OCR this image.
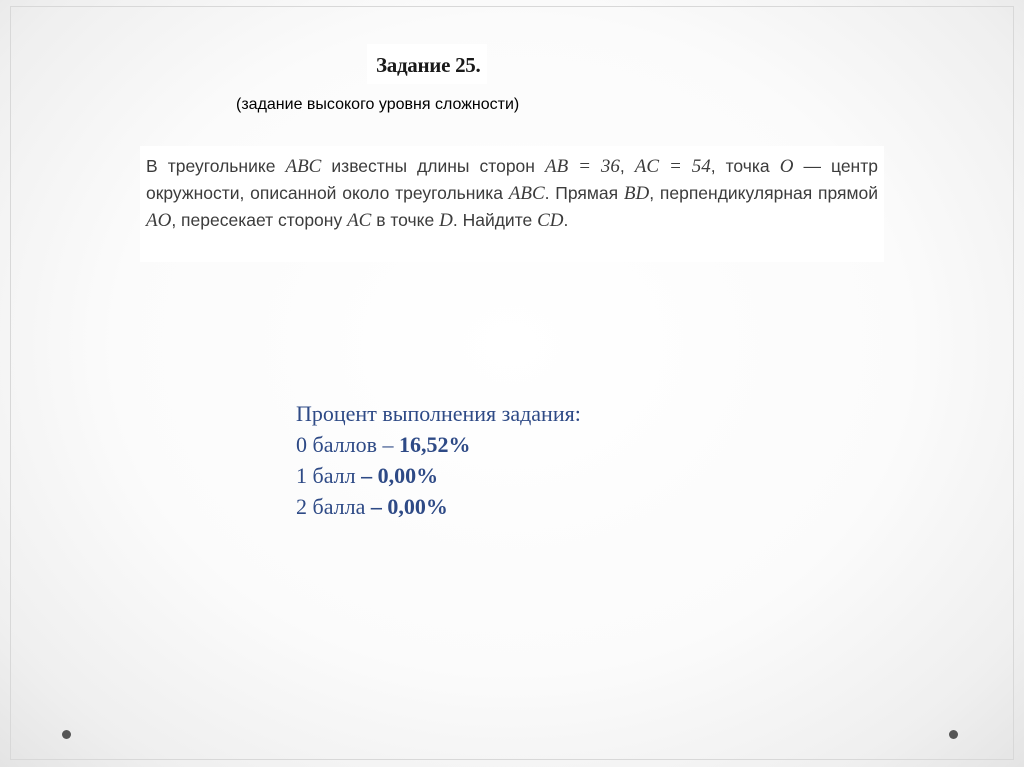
Задание 25.
(задание высокого уровня сложности)
В треугольнике ABC известны длины сторон AB = 36, AC = 54, точка O — центр окружности, описанной около треугольника ABC. Прямая BD, перпендикулярная прямой AO, пересекает сторону AC в точке D. Найдите CD.
Процент выполнения задания:
0 баллов – 16,52%
1 балл – 0,00%
2 балла – 0,00%
